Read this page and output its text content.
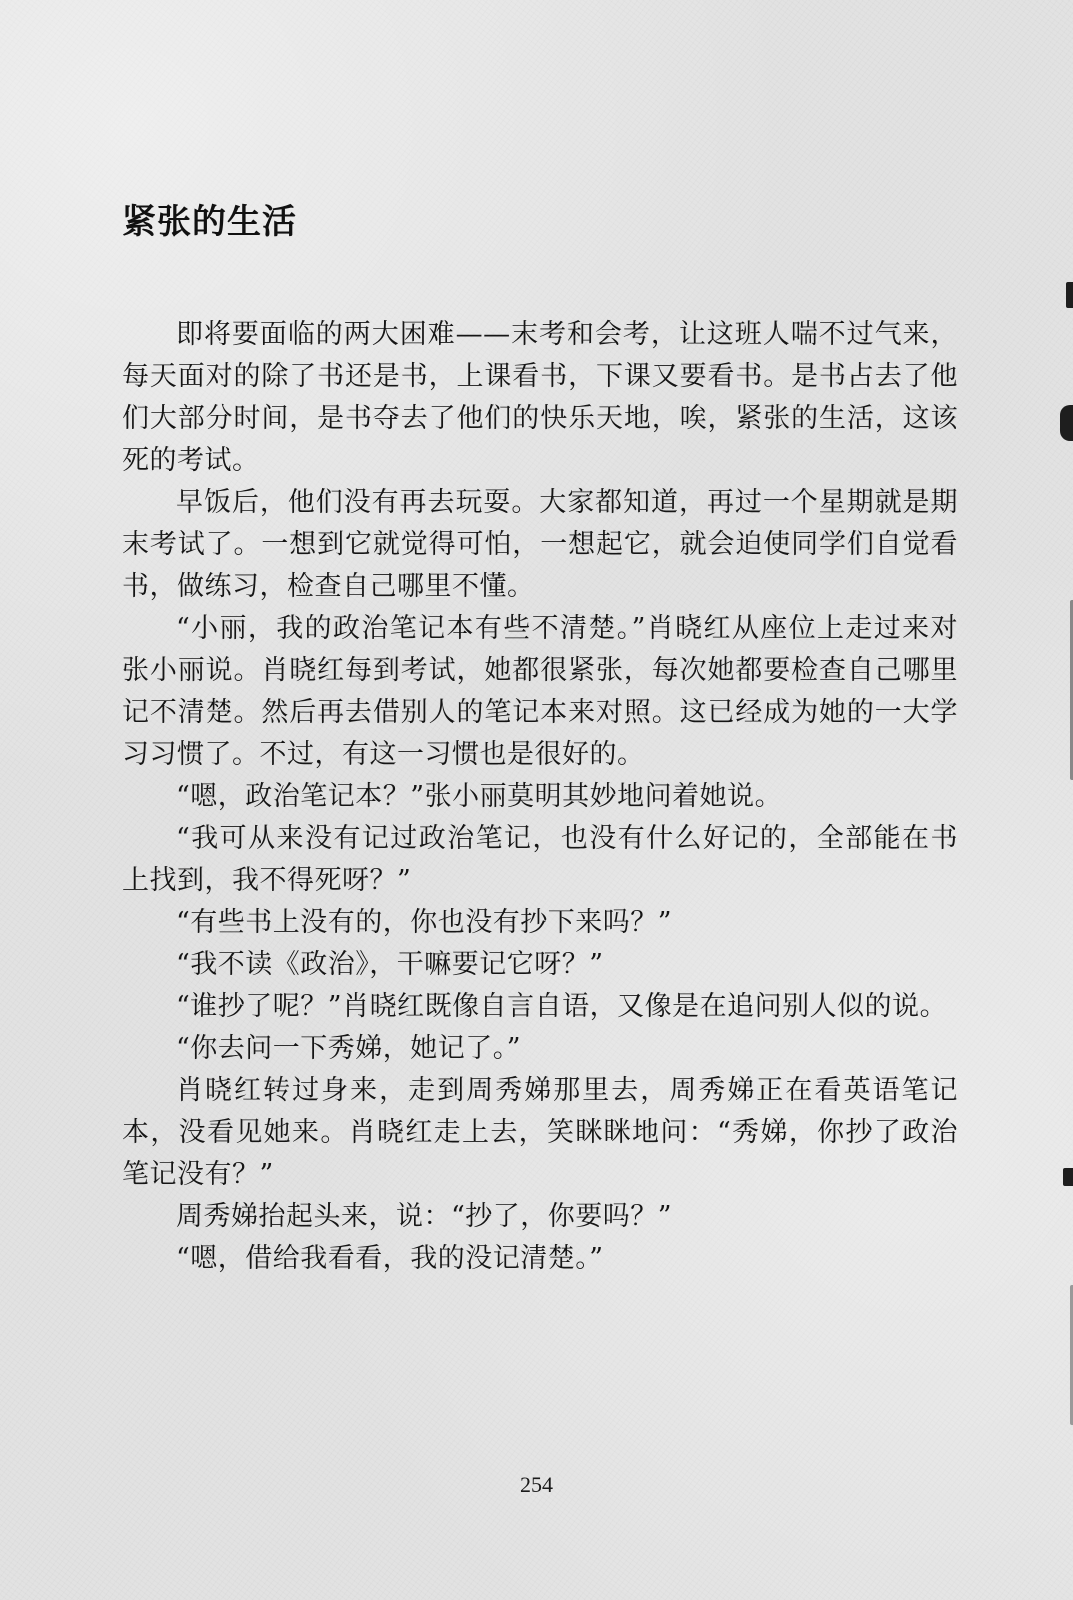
紧张的生活

即将要面临的两大困难——末考和会考，让这班人喘不过气来，每天面对的除了书还是书，上课看书，下课又要看书。是书占去了他们大部分时间，是书夺去了他们的快乐天地，唉，紧张的生活，这该死的考试。

早饭后，他们没有再去玩耍。大家都知道，再过一个星期就是期末考试了。一想到它就觉得可怕，一想起它，就会迫使同学们自觉看书，做练习，检查自己哪里不懂。

“小丽，我的政治笔记本有些不清楚。”肖晓红从座位上走过来对张小丽说。肖晓红每到考试，她都很紧张，每次她都要检查自己哪里记不清楚。然后再去借别人的笔记本来对照。这已经成为她的一大学习习惯了。不过，有这一习惯也是很好的。

“嗯，政治笔记本？”张小丽莫明其妙地问着她说。

“我可从来没有记过政治笔记，也没有什么好记的，全部能在书上找到，我不得死呀？”

“有些书上没有的，你也没有抄下来吗？”

“我不读《政治》，干嘛要记它呀？”

“谁抄了呢？”肖晓红既像自言自语，又像是在追问别人似的说。

“你去问一下秀娣，她记了。”

肖晓红转过身来，走到周秀娣那里去，周秀娣正在看英语笔记本，没看见她来。肖晓红走上去，笑眯眯地问：“秀娣，你抄了政治笔记没有？”

周秀娣抬起头来，说：“抄了，你要吗？”

“嗯，借给我看看，我的没记清楚。”

254
